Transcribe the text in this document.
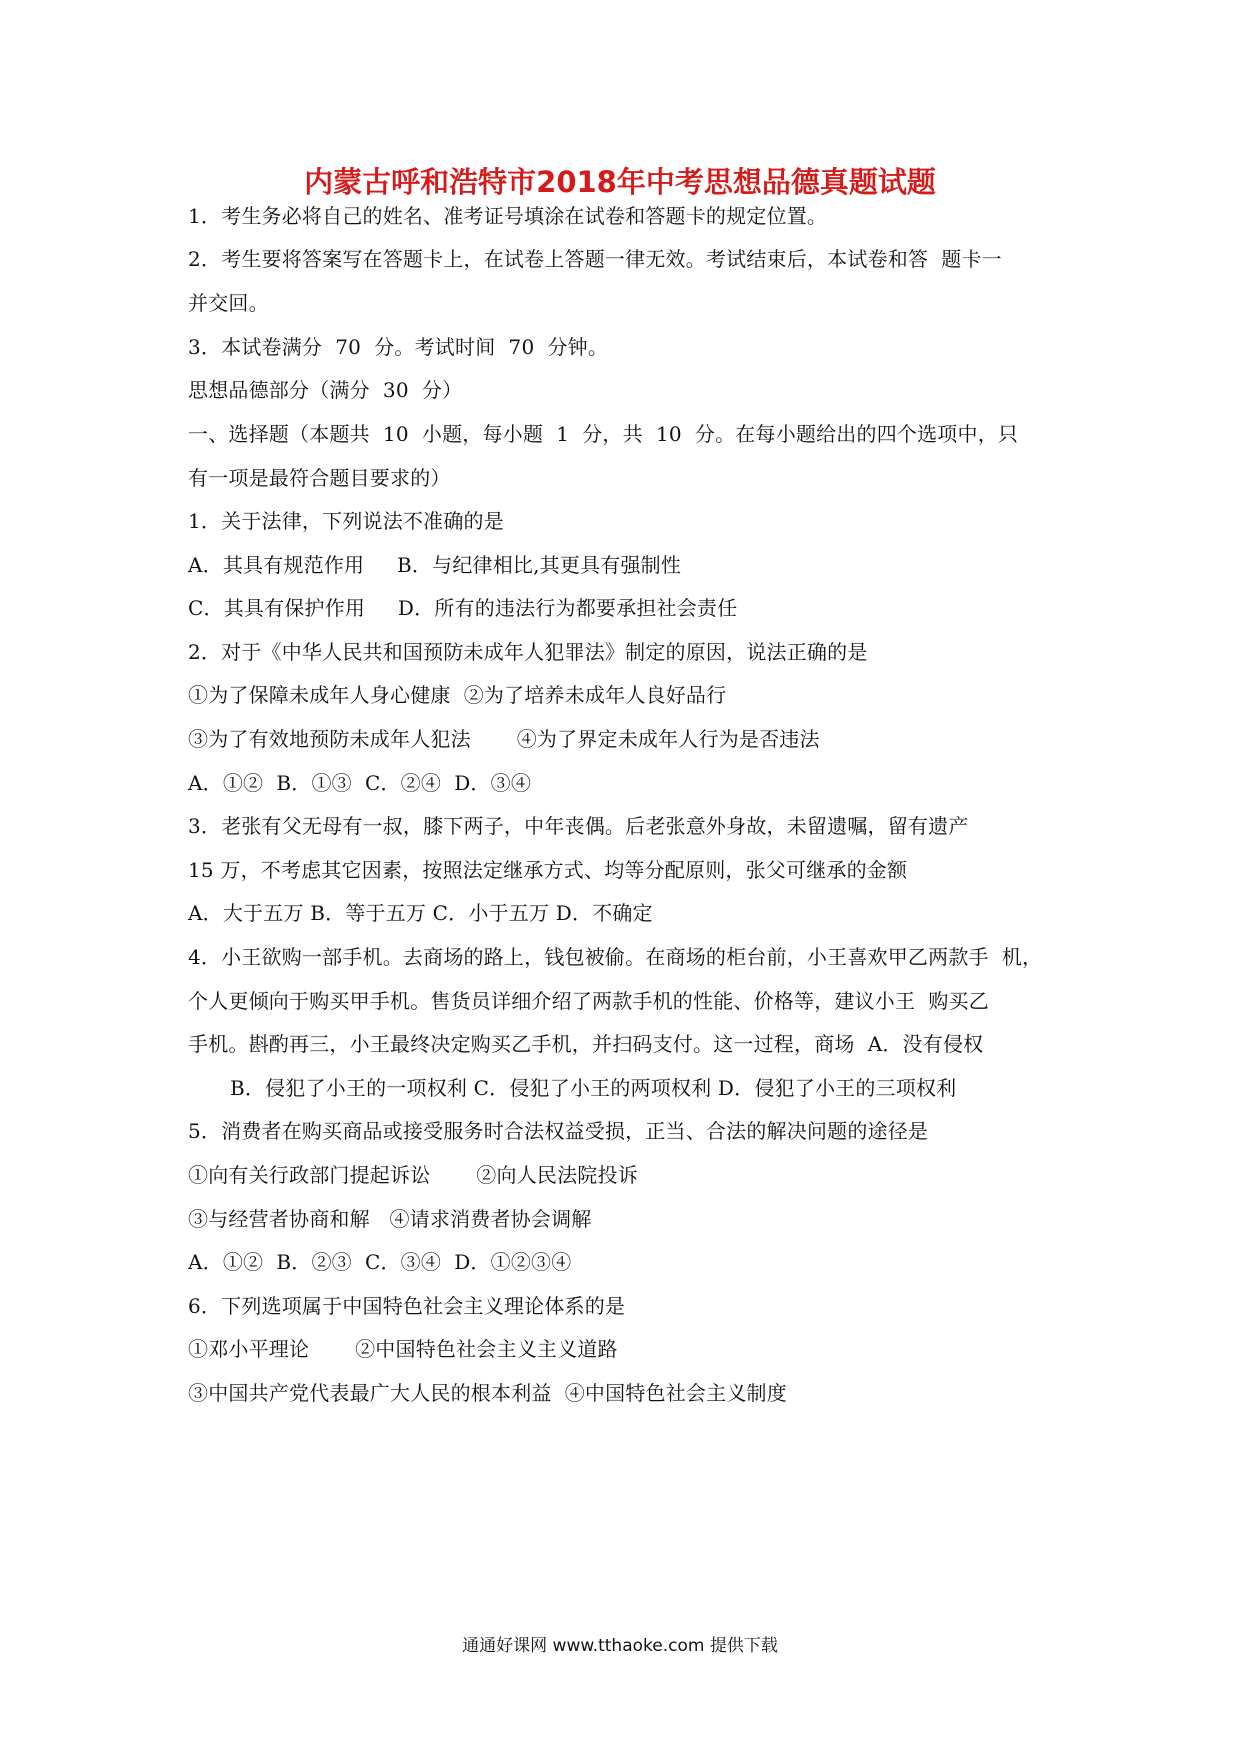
内蒙古呼和浩特市2018年中考思想品德真题试题
1．考生务必将自己的姓名、准考证号填涂在试卷和答题卡的规定位置。
2．考生要将答案写在答题卡上，在试卷上答题一律无效。考试结束后，本试卷和答  题卡一
并交回。
3．本试卷满分  70  分。考试时间  70  分钟。
思想品德部分（满分  30  分）
一、选择题（本题共  10  小题，每小题  1  分，共  10  分。在每小题给出的四个选项中，只
有一项是最符合题目要求的）
1．关于法律，下列说法不准确的是
A．其具有规范作用     B．与纪律相比,其更具有强制性
C．其具有保护作用     D．所有的违法行为都要承担社会责任
2．对于《中华人民共和国预防未成年人犯罪法》制定的原因，说法正确的是
①为了保障未成年人身心健康  ②为了培养未成年人良好品行
③为了有效地预防未成年人犯法       ④为了界定未成年人行为是否违法
A．①②  B．①③  C．②④  D．③④
3．老张有父无母有一叔，膝下两子，中年丧偶。后老张意外身故，未留遗嘱，留有遗产
15 万，不考虑其它因素，按照法定继承方式、均等分配原则，张父可继承的金额
A．大于五万 B．等于五万 C．小于五万 D．不确定
4．小王欲购一部手机。去商场的路上，钱包被偷。在商场的柜台前，小王喜欢甲乙两款手  机，
个人更倾向于购买甲手机。售货员详细介绍了两款手机的性能、价格等，建议小王  购买乙
手机。斟酌再三，小王最终决定购买乙手机，并扫码支付。这一过程，商场  A．没有侵权
B．侵犯了小王的一项权利 C．侵犯了小王的两项权利 D．侵犯了小王的三项权利
5．消费者在购买商品或接受服务时合法权益受损，正当、合法的解决问题的途径是
①向有关行政部门提起诉讼       ②向人民法院投诉
③与经营者协商和解   ④请求消费者协会调解
A．①②  B．②③  C．③④  D．①②③④
6．下列选项属于中国特色社会主义理论体系的是
①邓小平理论       ②中国特色社会主义主义道路
③中国共产党代表最广大人民的根本利益  ④中国特色社会主义制度
通通好课网 www.tthaoke.com 提供下载
